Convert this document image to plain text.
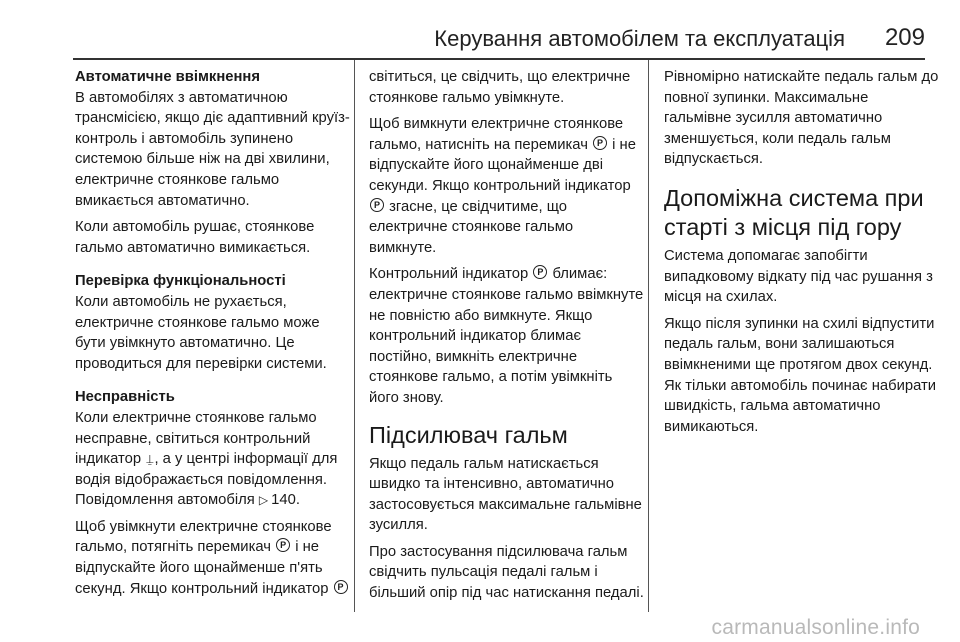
Керування автомобілем та експлуатація 209
Автоматичне ввімкнення

В автомобілях з автоматичною трансмісією, якщо діє адаптивний круїз-контроль і автомобіль зупинено системою більше ніж на дві хвилини, електричне стоянкове гальмо вмикається автоматично.

Коли автомобіль рушає, стоянкове гальмо автоматично вимикається.

Перевірка функціональності

Коли автомобіль не рухається, електричне стоянкове гальмо може бути увімкнуто автоматично. Це проводиться для перевірки системи.

Несправність

Коли електричне стоянкове гальмо несправне, світиться контрольний індикатор ⍊, а у центрі інформації для водія відображається повідомлення. Повідомлення автомобіля ▷ 140.

Щоб увімкнути електричне стоянкове гальмо, потягніть перемикач P і не відпускайте його щонайменше п'ять секунд. Якщо контрольний індикатор P

світиться, це свідчить, що електричне стоянкове гальмо увімкнуте.

Щоб вимкнути електричне стоянкове гальмо, натисніть на перемикач P і не відпускайте його щонайменше дві секунди. Якщо контрольний індикатор P згасне, це свідчитиме, що електричне стоянкове гальмо вимкнуте.

Контрольний індикатор P блимає: електричне стоянкове гальмо ввімкнуте не повністю або вимкнуте. Якщо контрольний індикатор блимає постійно, вимкніть електричне стоянкове гальмо, а потім увімкніть його знову.

Підсилювач гальм

Якщо педаль гальм натискається швидко та інтенсивно, автоматично застосовується максимальне гальмівне зусилля.

Про застосування підсилювача гальм свідчить пульсація педалі гальм і більший опір під час натискання педалі.

Рівномірно натискайте педаль гальм до повної зупинки. Максимальне гальмівне зусилля автоматично зменшується, коли педаль гальм відпускається.

Допоміжна система при старті з місця під гору

Система допомагає запобігти випадковому відкату під час рушання з місця на схилах.

Якщо після зупинки на схилі відпустити педаль гальм, вони залишаються ввімкненими ще протягом двох секунд. Як тільки автомобіль починає набирати швидкість, гальма автоматично вимикаються.

carmanualsonline.info
